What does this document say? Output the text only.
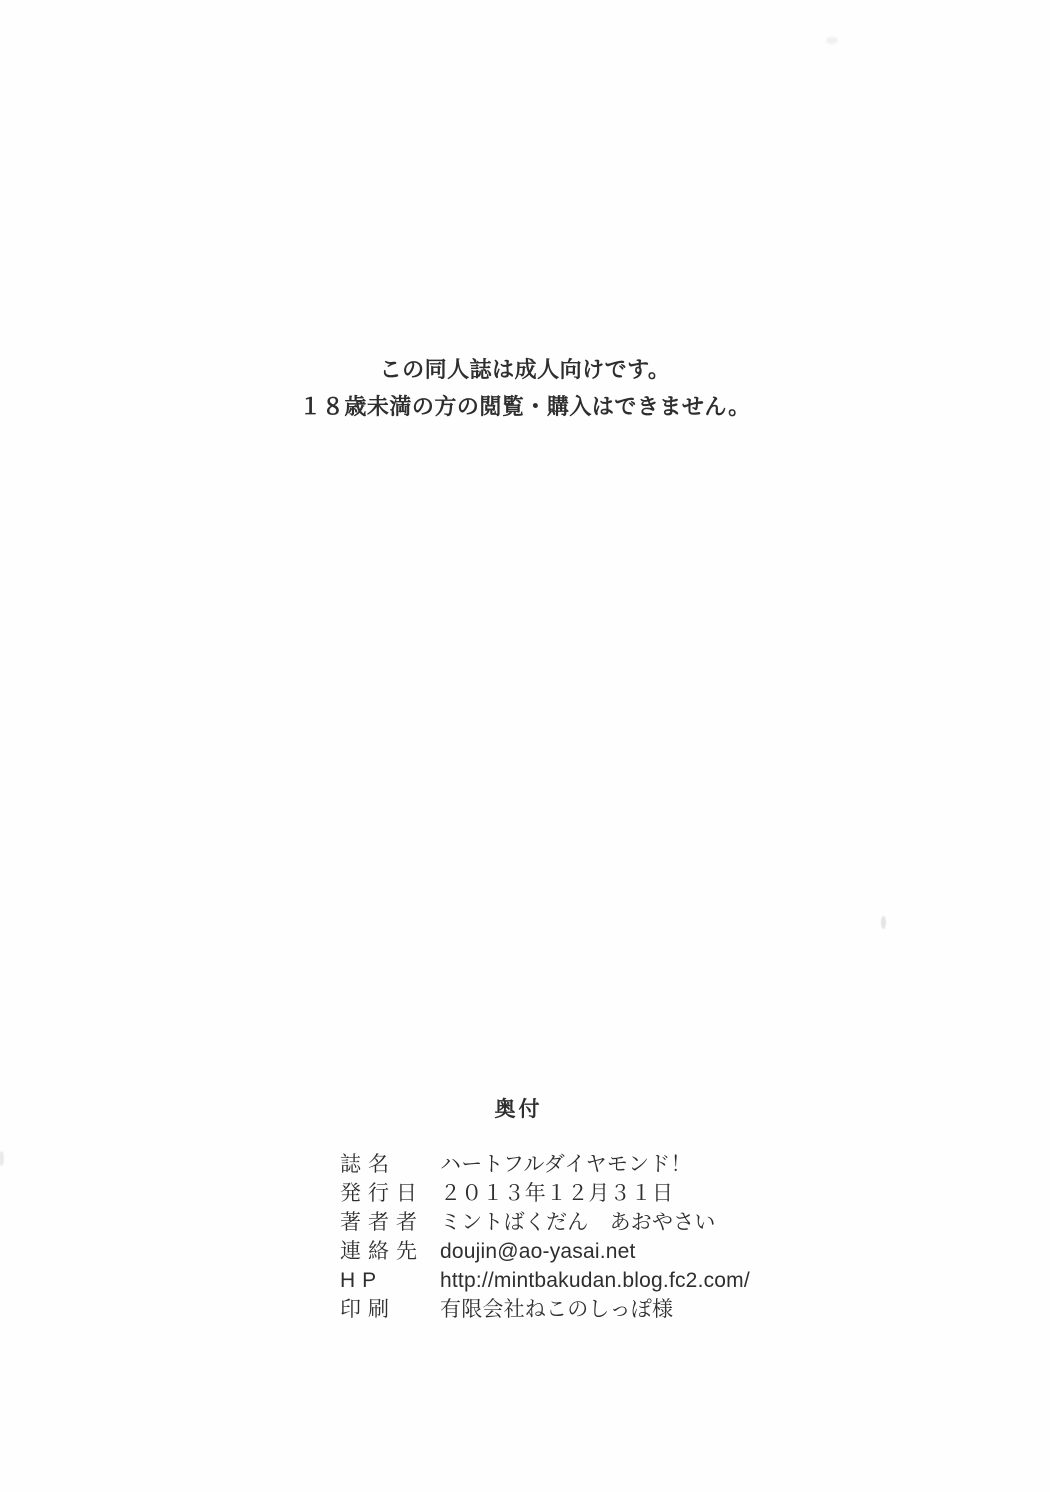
この同人誌は成人向けです。
１８歳未満の方の閲覧・購入はできません。
奥付
誌名	ハートフルダイヤモンド！
発行日 ２０１３年１２月３１日
著者者 ミントばくだん　あおやさい
連絡先 doujin@ao-yasai.net
HP	http://mintbakudan.blog.fc2.com/
印刷	有限会社ねこのしっぽ様
